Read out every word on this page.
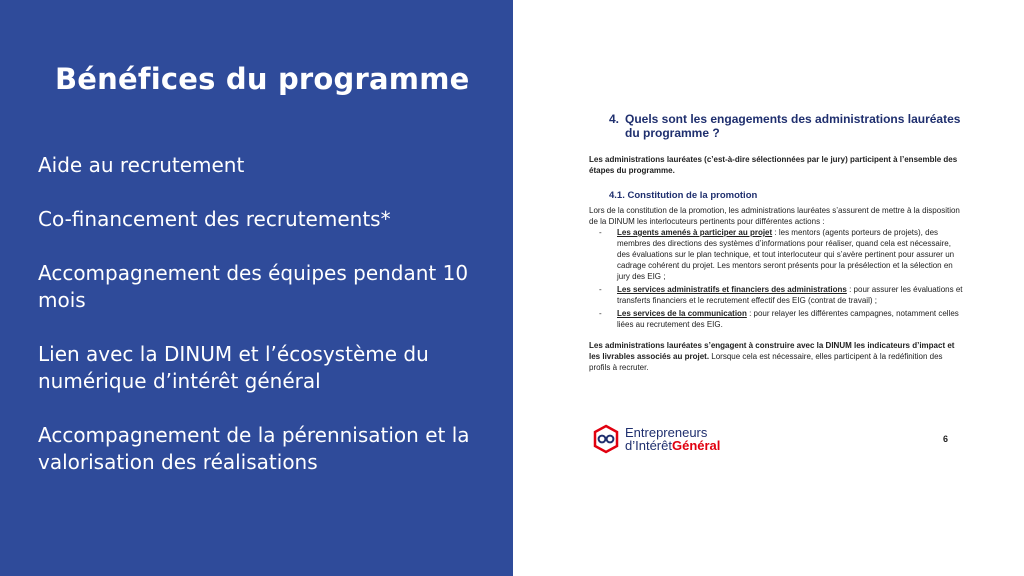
Bénéfices du programme
Aide au recrutement
Co-financement des recrutements*
Accompagnement des équipes pendant 10 mois
Lien avec la DINUM et l’écosystème du numérique d’intérêt général
Accompagnement de la pérennisation et la valorisation des réalisations
4. Quels sont les engagements des administrations lauréates du programme ?

Les administrations lauréates (c’est-à-dire sélectionnées par le jury) participent à l’ensemble des étapes du programme.

4.1. Constitution de la promotion

Lors de la constitution de la promotion, les administrations lauréates s’assurent de mettre à la disposition de la DINUM les interlocuteurs pertinents pour différentes actions :

- Les agents amenés à participer au projet : les mentors (agents porteurs de projets), des membres des directions des systèmes d’informations pour réaliser, quand cela est nécessaire, des évaluations sur le plan technique, et tout interlocuteur qui s’avère pertinent pour assurer un cadrage cohérent du projet. Les mentors seront présents pour la présélection et la sélection en jury des EIG ;
- Les services administratifs et financiers des administrations : pour assurer les évaluations et transferts financiers et le recrutement effectif des EIG (contrat de travail) ;
- Les services de la communication : pour relayer les différentes campagnes, notamment celles liées au recrutement des EIG.

Les administrations lauréates s’engagent à construire avec la DINUM les indicateurs d’impact et les livrables associés au projet. Lorsque cela est nécessaire, elles participent à la redéfinition des profils à recruter.

Entrepreneurs
d’IntérêtGénéral	6
